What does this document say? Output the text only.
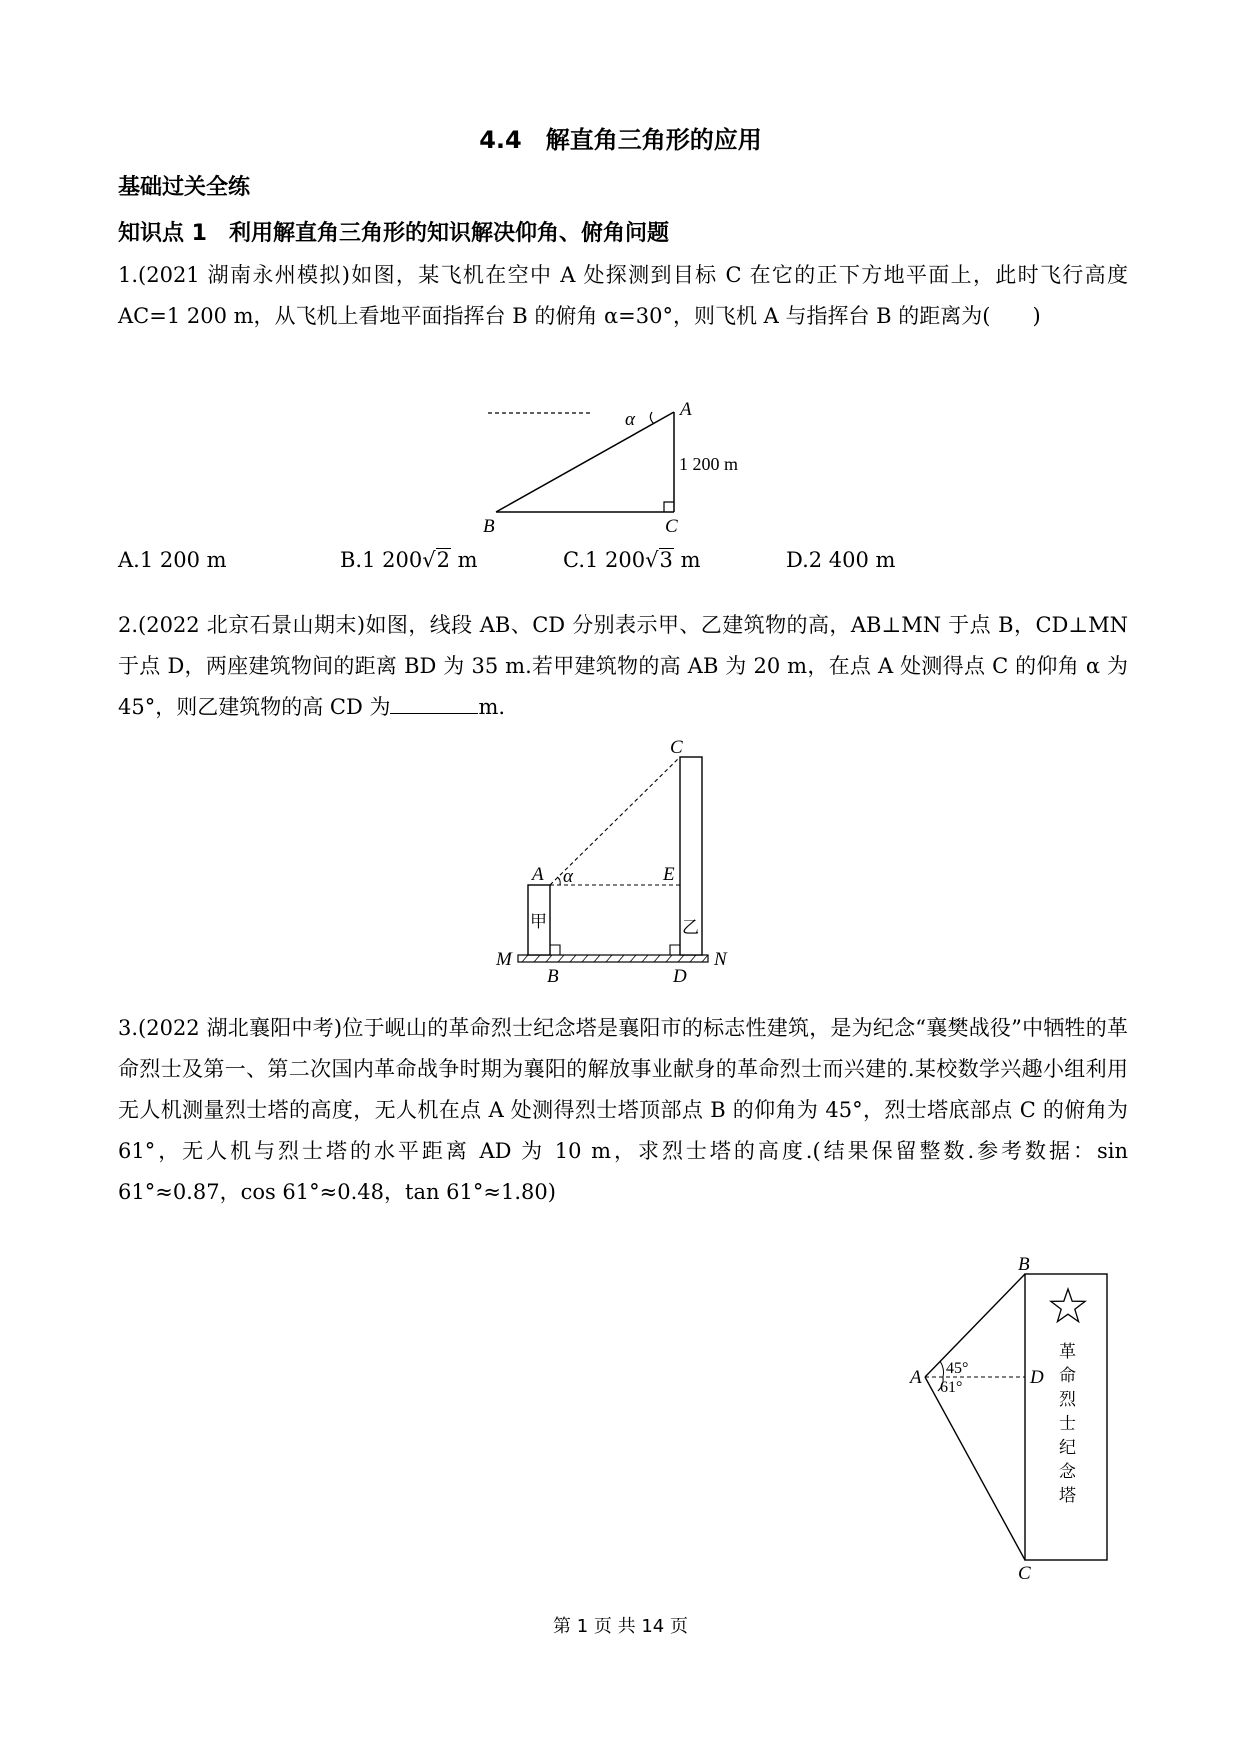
4.4　解直角三角形的应用
基础过关全练
知识点 1　利用解直角三角形的知识解决仰角、俯角问题
1.(2021 湖南永州模拟)如图，某飞机在空中 A 处探测到目标 C 在它的正下方地平面上，此时飞行高度 AC=1 200 m，从飞机上看地平面指挥台 B 的俯角 α=30°，则飞机 A 与指挥台 B 的距离为(　　)
α A
B	C
1 200 m
A.1 200 m	B.1 200√2 m	C.1 200√3 m	D.2 400 m
2.(2022 北京石景山期末)如图，线段 AB、CD 分别表示甲、乙建筑物的高，AB⊥MN 于点 B，CD⊥MN 于点 D，两座建筑物间的距离 BD 为 35 m.若甲建筑物的高 AB 为 20 m，在点 A 处测得点 C 的仰角 α 为 45°，则乙建筑物的高 CD 为	m.
α
A
B
C
D
E
M	N
甲	乙
3.(2022 湖北襄阳中考)位于岘山的革命烈士纪念塔是襄阳市的标志性建筑，是为纪念“襄樊战役”中牺牲的革命烈士及第一、第二次国内革命战争时期为襄阳的解放事业献身的革命烈士而兴建的.某校数学兴趣小组利用无人机测量烈士塔的高度，无人机在点 A 处测得烈士塔顶部点 B 的仰角为 45°，烈士塔底部点 C 的俯角为 61°，无人机与烈士塔的水平距离 AD 为 10 m，求烈士塔的高度.(结果保留整数.参考数据：sin 61°≈0.87，cos 61°≈0.48，tan 61°≈1.80)
革
命
烈
士
纪
念
塔
A
B
C
D
45°
61°
第 1 页 共 14 页
